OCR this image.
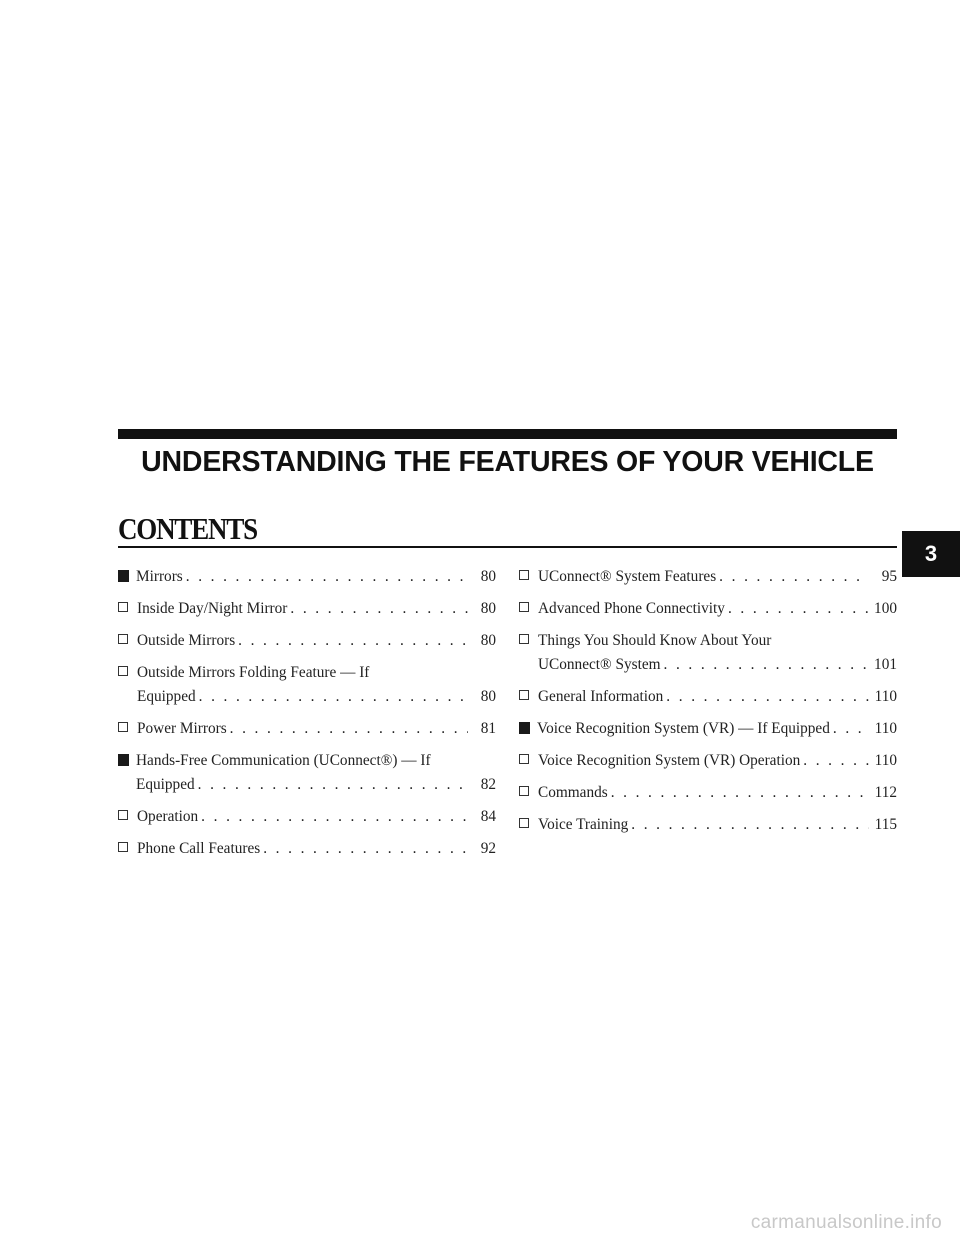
UNDERSTANDING THE FEATURES OF YOUR VEHICLE
CONTENTS
3
Mirrors . . .	80
Inside Day/Night Mirror . . .	80
Outside Mirrors . . .	80
Outside Mirrors Folding Feature — If
Equipped . . .	80
Power Mirrors . . .	81
Hands-Free Communication (UConnect®) — If
Equipped . . .	82
Operation . . .	84
Phone Call Features . . .	92
UConnect® System Features . . .	95
Advanced Phone Connectivity . . .	100
Things You Should Know About Your
UConnect® System . . .	101
General Information . . .	110
Voice Recognition System (VR) — If Equipped . . .	110
Voice Recognition System (VR) Operation . . .	110
Commands . . .	112
Voice Training . . .	115
carmanualsonline.info
